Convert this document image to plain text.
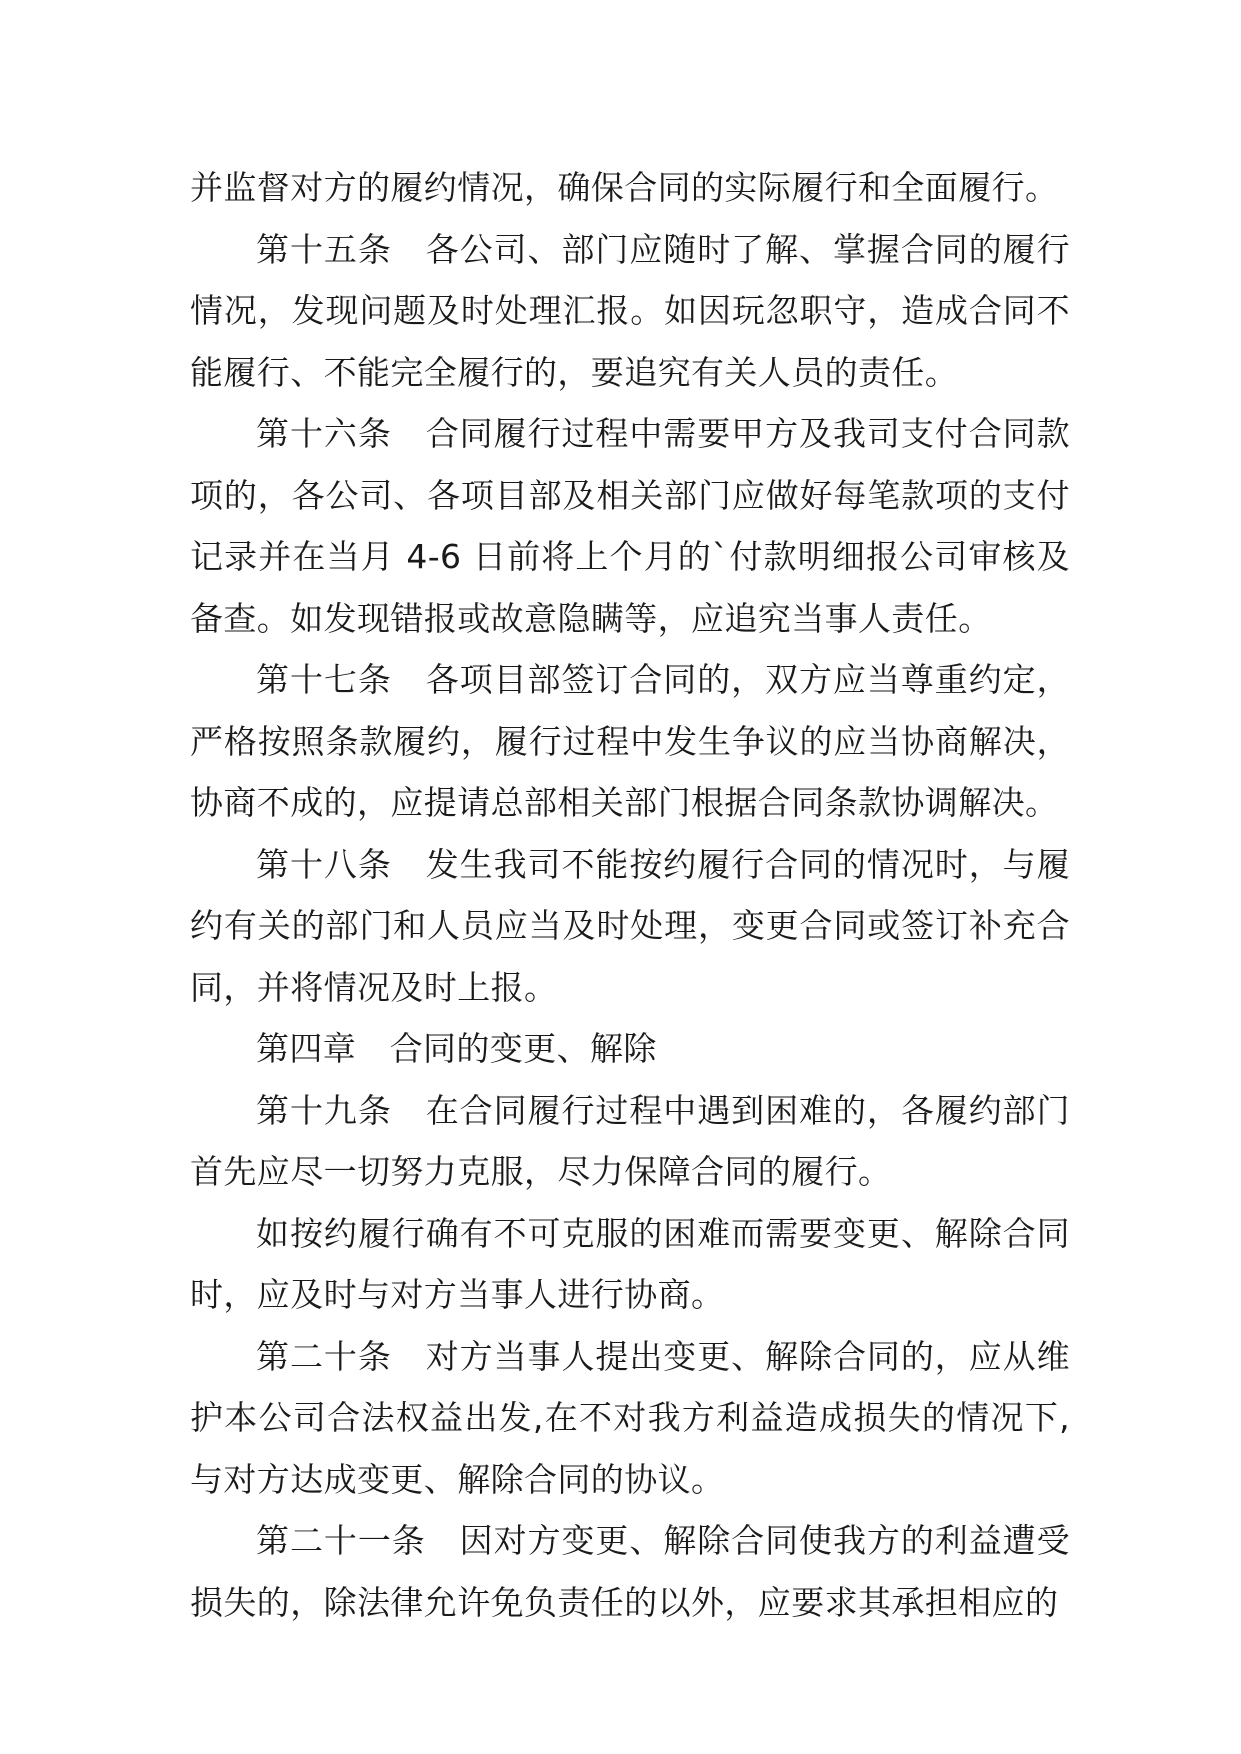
并监督对方的履约情况，确保合同的实际履行和全面履行。

第十五条　各公司、部门应随时了解、掌握合同的履行情况，发现问题及时处理汇报。如因玩忽职守，造成合同不能履行、不能完全履行的，要追究有关人员的责任。

第十六条　合同履行过程中需要甲方及我司支付合同款项的，各公司、各项目部及相关部门应做好每笔款项的支付记录并在当月 4-6 日前将上个月的`付款明细报公司审核及备查。如发现错报或故意隐瞒等，应追究当事人责任。

第十七条　各项目部签订合同的，双方应当尊重约定，严格按照条款履约，履行过程中发生争议的应当协商解决，协商不成的，应提请总部相关部门根据合同条款协调解决。

第十八条　发生我司不能按约履行合同的情况时，与履约有关的部门和人员应当及时处理，变更合同或签订补充合同，并将情况及时上报。

第四章　合同的变更、解除

第十九条　在合同履行过程中遇到困难的，各履约部门首先应尽一切努力克服，尽力保障合同的履行。

如按约履行确有不可克服的困难而需要变更、解除合同时，应及时与对方当事人进行协商。

第二十条　对方当事人提出变更、解除合同的，应从维护本公司合法权益出发,在不对我方利益造成损失的情况下,与对方达成变更、解除合同的协议。

第二十一条　因对方变更、解除合同使我方的利益遭受损失的，除法律允许免负责任的以外，应要求其承担相应的
